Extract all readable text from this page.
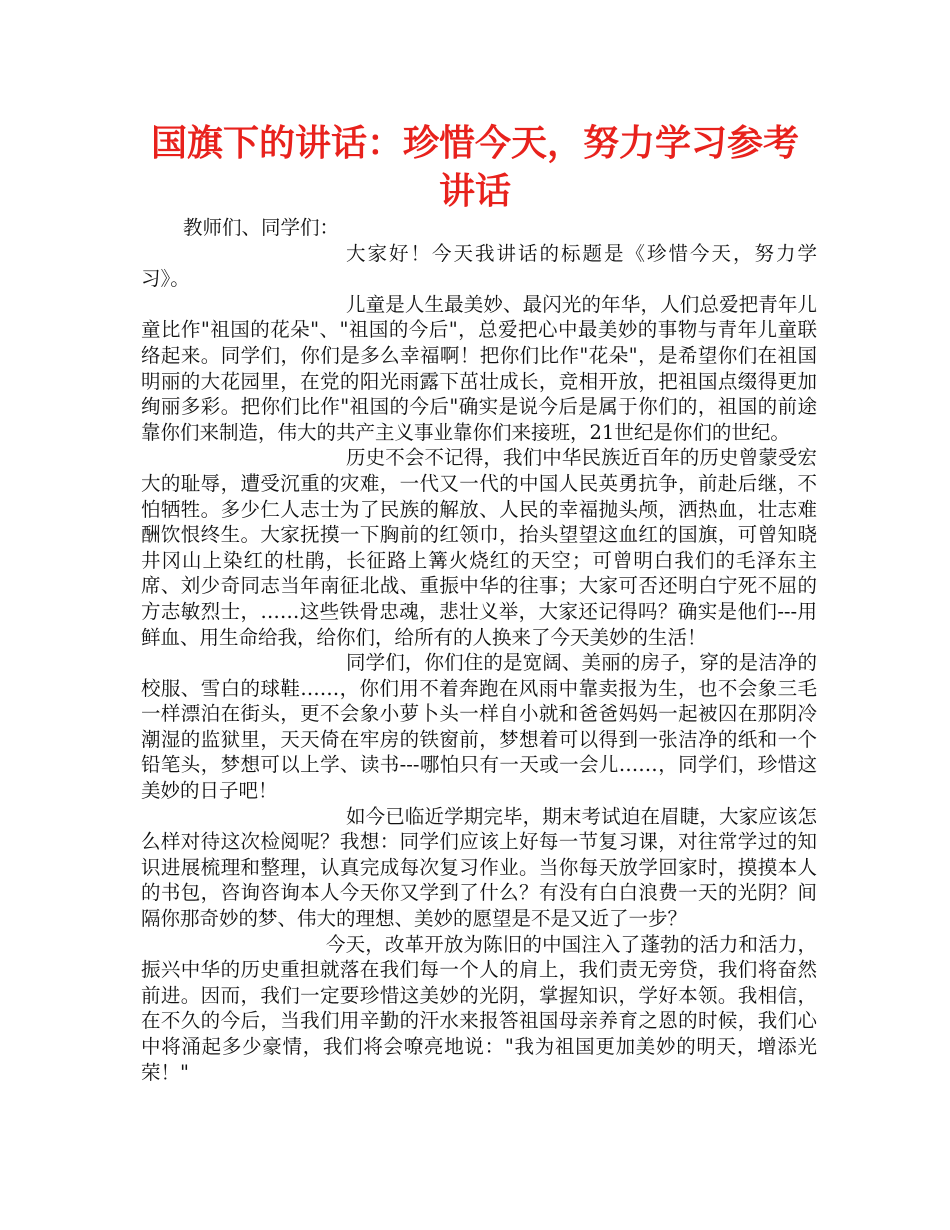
国旗下的讲话：珍惜今天，努力学习参考讲话

教师们、同学们：

大家好！今天我讲话的标题是《珍惜今天，努力学习》。

儿童是人生最美妙、最闪光的年华，人们总爱把青年儿童比作"祖国的花朵"、"祖国的今后"，总爱把心中最美妙的事物与青年儿童联络起来。同学们，你们是多么幸福啊！把你们比作"花朵"，是希望你们在祖国明丽的大花园里，在党的阳光雨露下茁壮成长，竞相开放，把祖国点缀得更加绚丽多彩。把你们比作"祖国的今后"确实是说今后是属于你们的，祖国的前途靠你们来制造，伟大的共产主义事业靠你们来接班，21世纪是你们的世纪。

历史不会不记得，我们中华民族近百年的历史曾蒙受宏大的耻辱，遭受沉重的灾难，一代又一代的中国人民英勇抗争，前赴后继，不怕牺牲。多少仁人志士为了民族的解放、人民的幸福抛头颅，洒热血，壮志难酬饮恨终生。大家抚摸一下胸前的红领巾，抬头望望这血红的国旗，可曾知晓井冈山上染红的杜鹃，长征路上篝火烧红的天空；可曾明白我们的毛泽东主席、刘少奇同志当年南征北战、重振中华的往事；大家可否还明白宁死不屈的方志敏烈士，……这些铁骨忠魂，悲壮义举，大家还记得吗？确实是他们---用鲜血、用生命给我，给你们，给所有的人换来了今天美妙的生活！

同学们，你们住的是宽阔、美丽的房子，穿的是洁净的校服、雪白的球鞋……，你们用不着奔跑在风雨中靠卖报为生，也不会象三毛一样漂泊在街头，更不会象小萝卜头一样自小就和爸爸妈妈一起被囚在那阴冷潮湿的监狱里，天天倚在牢房的铁窗前，梦想着可以得到一张洁净的纸和一个铅笔头，梦想可以上学、读书---哪怕只有一天或一会儿……，同学们，珍惜这美妙的日子吧！

如今已临近学期完毕，期末考试迫在眉睫，大家应该怎么样对待这次检阅呢？我想：同学们应该上好每一节复习课，对往常学过的知识进展梳理和整理，认真完成每次复习作业。当你每天放学回家时，摸摸本人的书包，咨询咨询本人今天你又学到了什么？有没有白白浪费一天的光阴？间隔你那奇妙的梦、伟大的理想、美妙的愿望是不是又近了一步？

今天，改革开放为陈旧的中国注入了蓬勃的活力和活力，振兴中华的历史重担就落在我们每一个人的肩上，我们责无旁贷，我们将奋然前进。因而，我们一定要珍惜这美妙的光阴，掌握知识，学好本领。我相信，在不久的今后，当我们用辛勤的汗水来报答祖国母亲养育之恩的时候，我们心中将涌起多少豪情，我们将会嘹亮地说："我为祖国更加美妙的明天，增添光荣！"
